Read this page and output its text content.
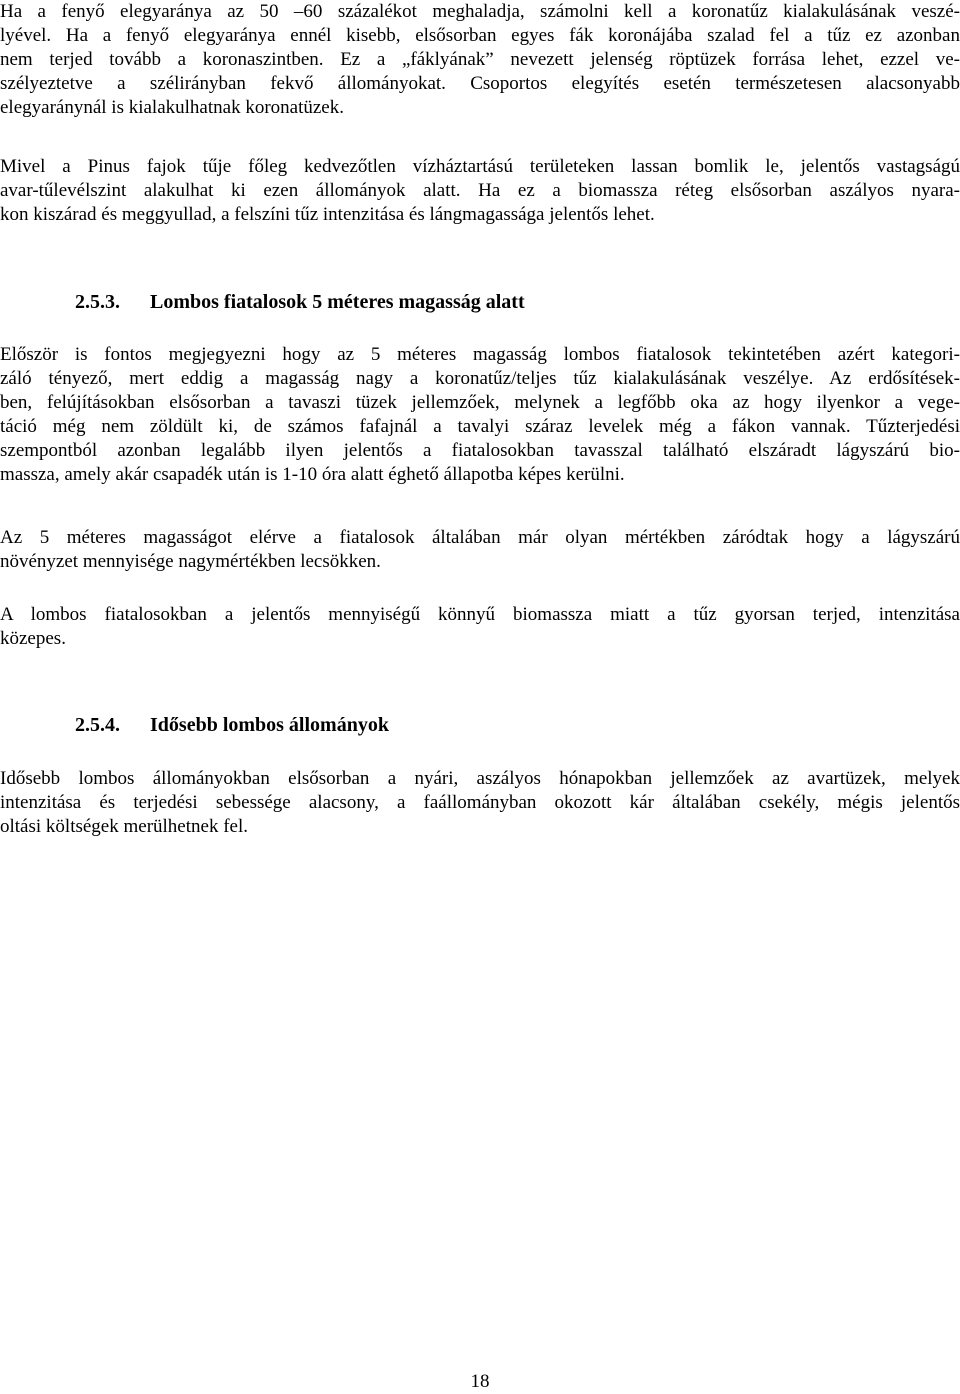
Ha a fenyő elegyaránya az 50 –60 százalékot meghaladja, számolni kell a koronatűz kialakulásának veszé-
lyével. Ha a fenyő elegyaránya ennél kisebb, elsősorban egyes fák koronájába szalad fel a tűz ez azonban
nem terjed tovább a koronaszintben. Ez a „fáklyának” nevezett jelenség röptüzek forrása lehet, ezzel ve-
szélyeztetve a szélirányban fekvő állományokat. Csoportos elegyítés esetén természetesen alacsonyabb
elegyaránynál is kialakulhatnak koronatüzek.
Mivel a Pinus fajok tűje főleg kedvezőtlen vízháztartású területeken lassan bomlik le, jelentős vastagságú
avar-tűlevélszint alakulhat ki ezen állományok alatt. Ha ez a biomassza réteg elsősorban aszályos nyara-
kon kiszárad és meggyullad, a felszíni tűz intenzitása és lángmagassága jelentős lehet.
2.5.3. Lombos fiatalosok 5 méteres magasság alatt
Először is fontos megjegyezni hogy az 5 méteres magasság lombos fiatalosok tekintetében azért kategori-
záló tényező, mert eddig a magasság nagy a koronatűz/teljes tűz kialakulásának veszélye. Az erdősítések-
ben, felújításokban elsősorban a tavaszi tüzek jellemzőek, melynek a legfőbb oka az hogy ilyenkor a vege-
táció még nem zöldült ki, de számos fafajnál a tavalyi száraz levelek még a fákon vannak. Tűzterjedési
szempontból azonban legalább ilyen jelentős a fiatalosokban tavasszal található elszáradt lágyszárú bio-
massza, amely akár csapadék után is 1-10 óra alatt éghető állapotba képes kerülni.
Az 5 méteres magasságot elérve a fiatalosok általában már olyan mértékben záródtak hogy a lágyszárú
növényzet mennyisége nagymértékben lecsökken.
A lombos fiatalosokban a jelentős mennyiségű könnyű biomassza miatt a tűz gyorsan terjed, intenzitása
közepes.
2.5.4. Idősebb lombos állományok
Idősebb lombos állományokban elsősorban a nyári, aszályos hónapokban jellemzőek az avartüzek, melyek
intenzitása és terjedési sebessége alacsony, a faállományban okozott kár általában csekély, mégis jelentős
oltási költségek merülhetnek fel.
18
